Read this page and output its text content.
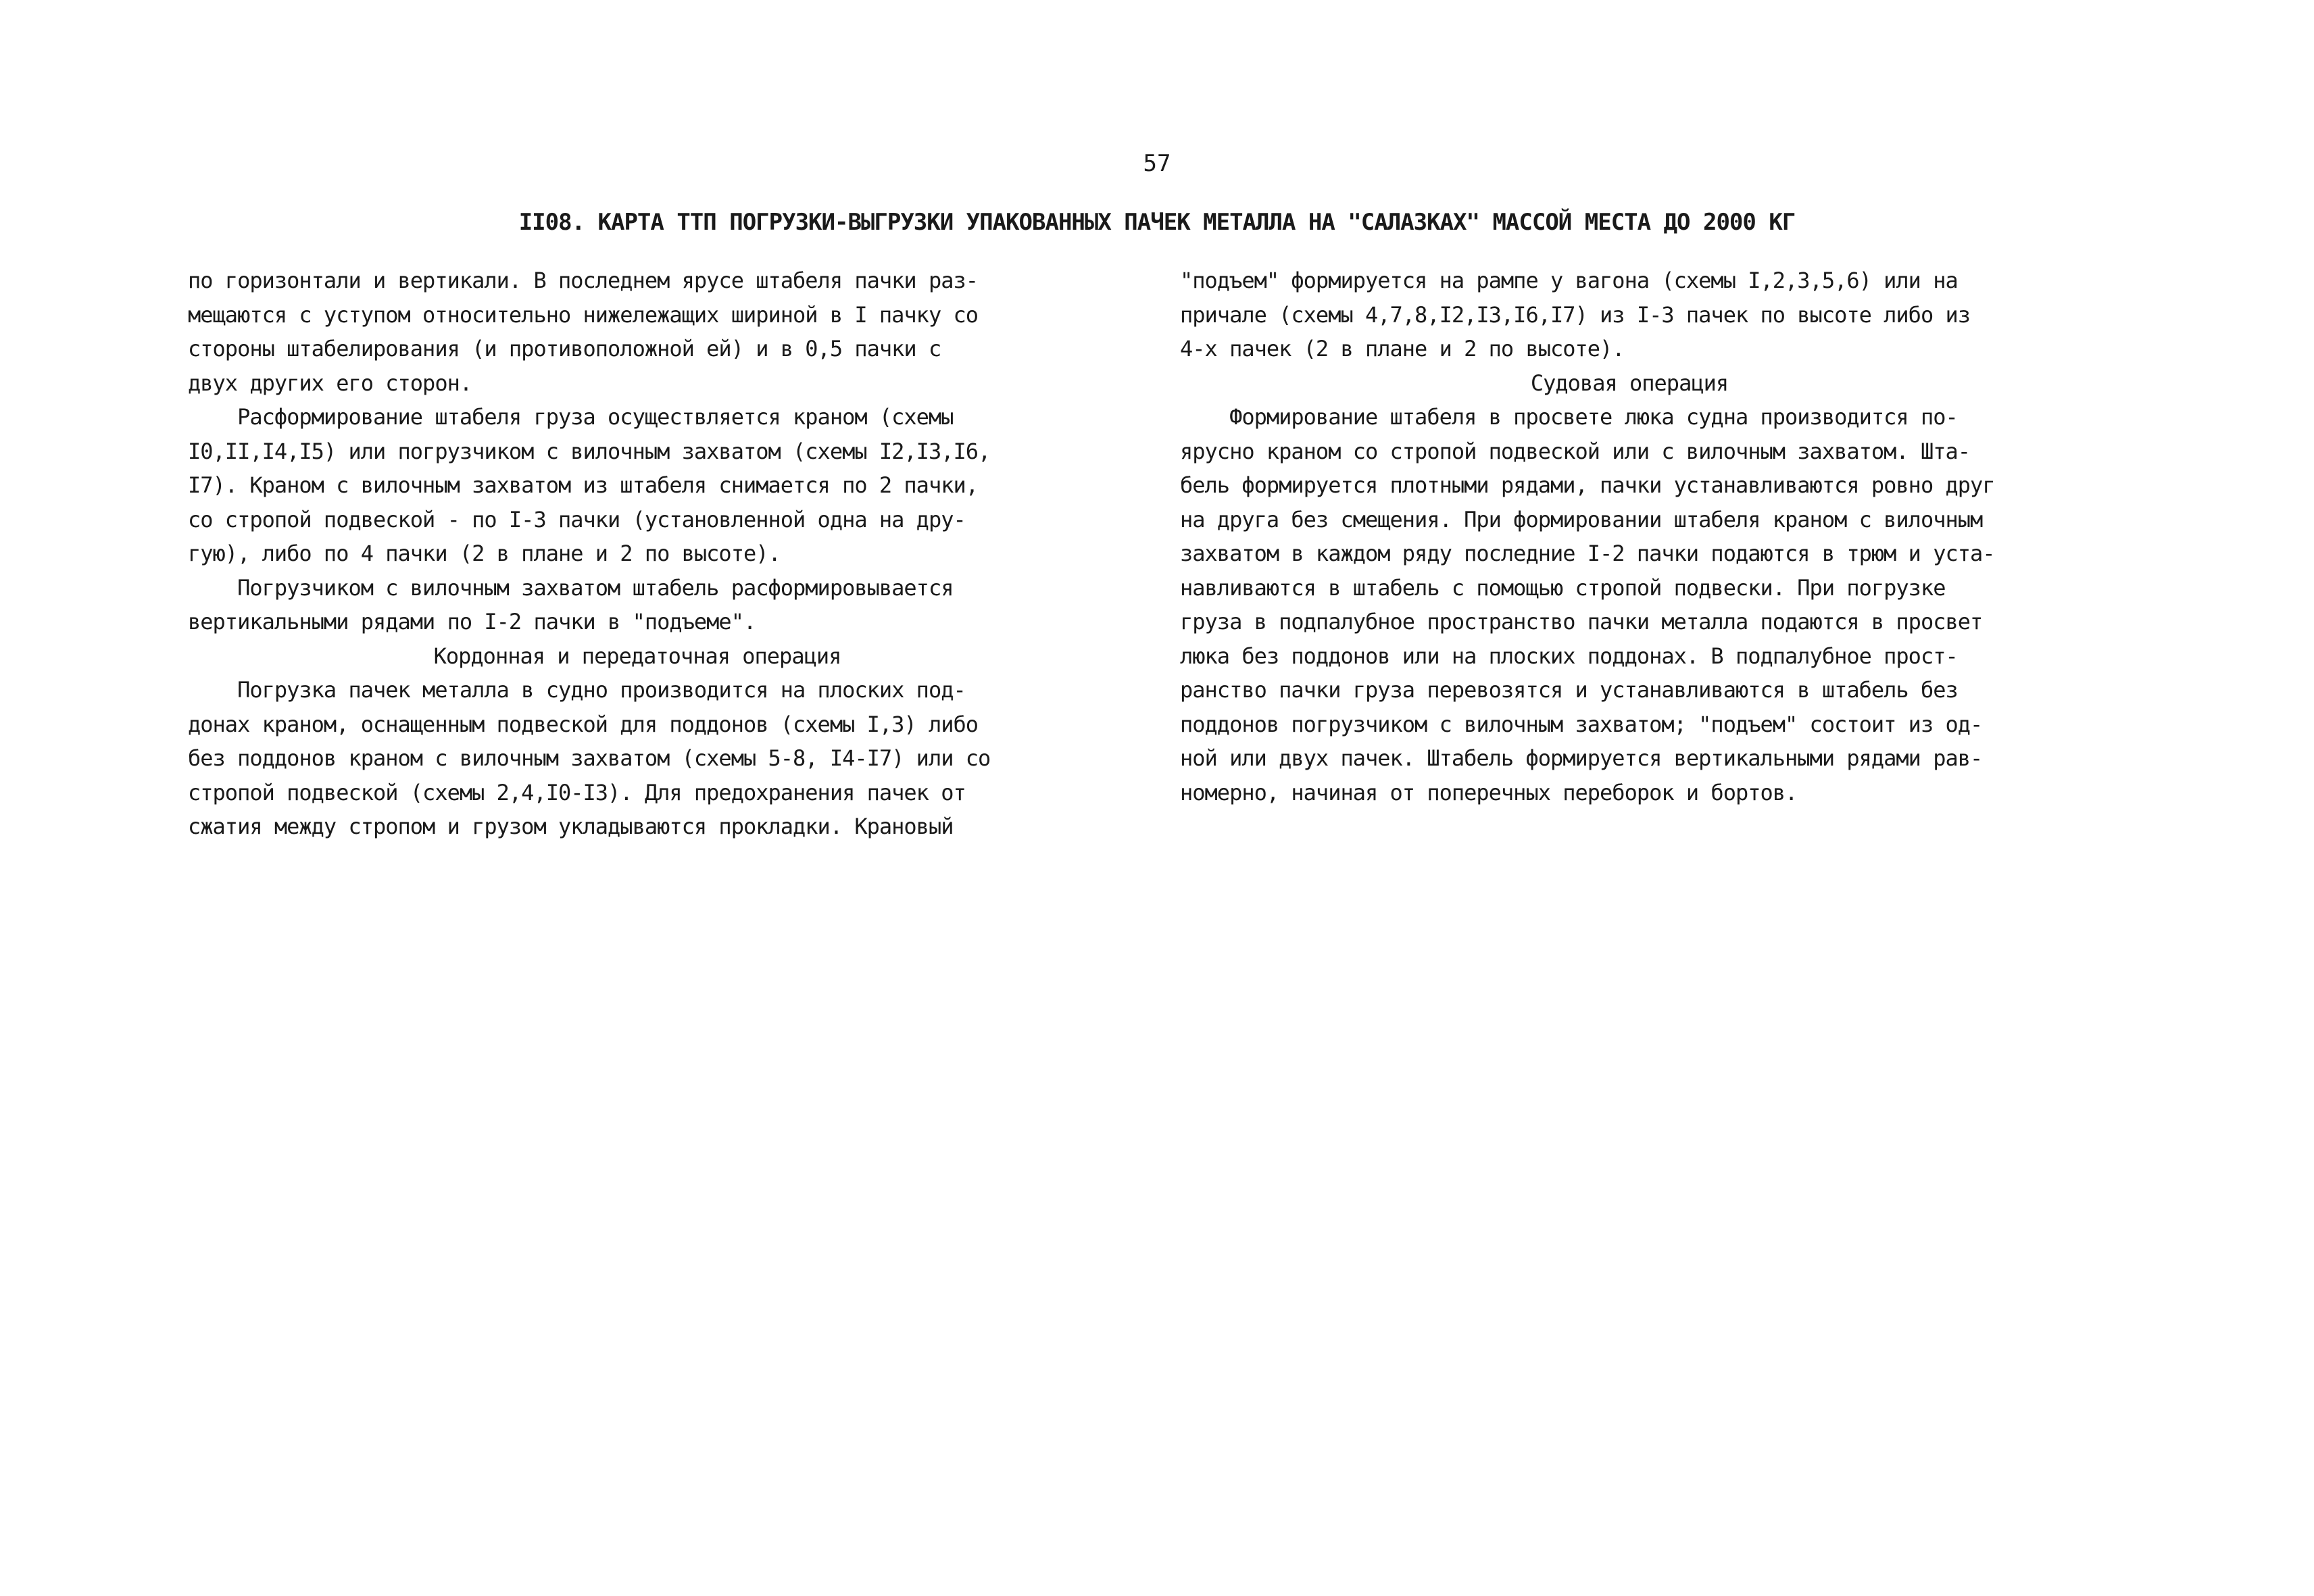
57
II08. КАРТА ТТП ПОГРУЗКИ-ВЫГРУЗКИ УПАКОВАННЫХ ПАЧЕК МЕТАЛЛА НА "САЛАЗКАХ" МАССОЙ МЕСТА ДО 2000 КГ
по горизонтали и вертикали. В последнем ярусе штабеля пачки раз-
мещаются с уступом относительно нижележащих шириной в I пачку со
стороны штабелирования (и противоположной ей) и в 0,5 пачки с
двух других его сторон.
Расформирование штабеля груза осуществляется краном (схемы
I0,II,I4,I5) или погрузчиком с вилочным захватом (схемы I2,I3,I6,
I7). Краном с вилочным захватом из штабеля снимается по 2 пачки,
со стропой подвеской - по I-3 пачки (установленной одна на дру-
гую), либо по 4 пачки (2 в плане и 2 по высоте).
Погрузчиком с вилочным захватом штабель расформировывается
вертикальными рядами по I-2 пачки в "подъеме".
Кордонная и передаточная операция
Погрузка пачек металла в судно производится на плоских под-
донах краном, оснащенным подвеской для поддонов (схемы I,3) либо
без поддонов краном с вилочным захватом (схемы 5-8, I4-I7) или со
стропой подвеской (схемы 2,4,I0-I3). Для предохранения пачек от
сжатия между стропом и грузом укладываются прокладки. Крановый
"подъем" формируется на рампе у вагона (схемы I,2,3,5,6) или на
причале (схемы 4,7,8,I2,I3,I6,I7) из I-3 пачек по высоте либо из
4-х пачек (2 в плане и 2 по высоте).
Судовая операция
Формирование штабеля в просвете люка судна производится по-
ярусно краном со стропой подвеской или с вилочным захватом. Шта-
бель формируется плотными рядами, пачки устанавливаются ровно друг
на друга без смещения. При формировании штабеля краном с вилочным
захватом в каждом ряду последние I-2 пачки подаются в трюм и уста-
навливаются в штабель с помощью стропой подвески. При погрузке
груза в подпалубное пространство пачки металла подаются в просвет
люка без поддонов или на плоских поддонах. В подпалубное прост-
ранство пачки груза перевозятся и устанавливаются в штабель без
поддонов погрузчиком с вилочным захватом; "подъем" состоит из од-
ной или двух пачек. Штабель формируется вертикальными рядами рав-
номерно, начиная от поперечных переборок и бортов.
